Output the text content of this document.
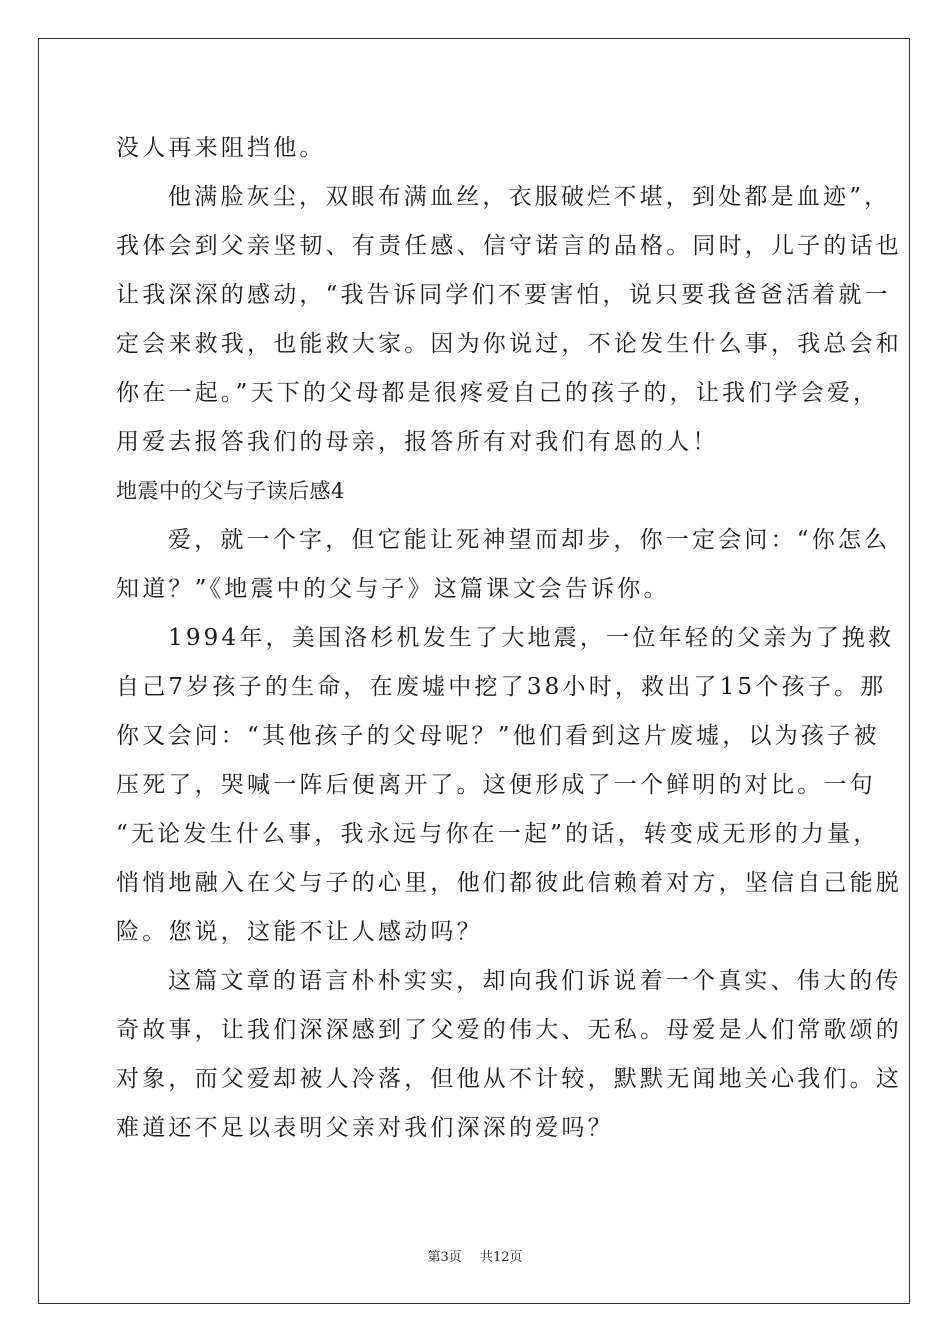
没人再来阻挡他。
他满脸灰尘，双眼布满血丝，衣服破烂不堪，到处都是血迹”，
我体会到父亲坚韧、有责任感、信守诺言的品格。同时，儿子的话也
让我深深的感动，“我告诉同学们不要害怕，说只要我爸爸活着就一
定会来救我，也能救大家。因为你说过，不论发生什么事，我总会和
你在一起。”天下的父母都是很疼爱自己的孩子的，让我们学会爱，
用爱去报答我们的母亲，报答所有对我们有恩的人！
地震中的父与子读后感4
爱，就一个字，但它能让死神望而却步，你一定会问：“你怎么
知道？”《地震中的父与子》这篇课文会告诉你。
1994年，美国洛杉机发生了大地震，一位年轻的父亲为了挽救
自己7岁孩子的生命，在废墟中挖了38小时，救出了15个孩子。那
你又会问：“其他孩子的父母呢？”他们看到这片废墟，以为孩子被
压死了，哭喊一阵后便离开了。这便形成了一个鲜明的对比。一句
“无论发生什么事，我永远与你在一起”的话，转变成无形的力量，
悄悄地融入在父与子的心里，他们都彼此信赖着对方，坚信自己能脱
险。您说，这能不让人感动吗？
这篇文章的语言朴朴实实，却向我们诉说着一个真实、伟大的传
奇故事，让我们深深感到了父爱的伟大、无私。母爱是人们常歌颂的
对象，而父爱却被人冷落，但他从不计较，默默无闻地关心我们。这
难道还不足以表明父亲对我们深深的爱吗？
第3页 共12页
